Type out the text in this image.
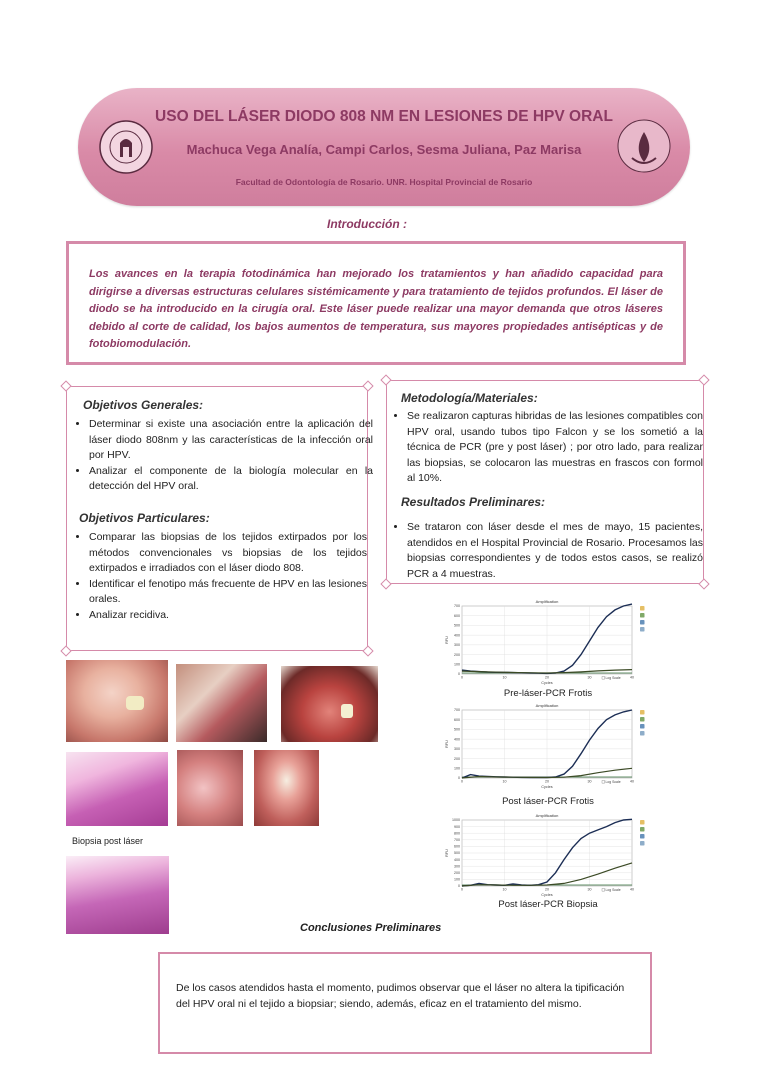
USO DEL LÁSER DIODO 808 NM EN LESIONES DE HPV ORAL
Machuca Vega Analía, Campi Carlos, Sesma Juliana, Paz Marisa
Facultad de Odontología de Rosario. UNR. Hospital Provincial de Rosario
Introducción :
Los avances en la terapia fotodinámica han mejorado los tratamientos y han añadido capacidad para dirigirse a diversas estructuras celulares sistémicamente y para tratamiento de tejidos profundos. El láser de diodo se ha introducido en la cirugía oral. Este láser puede realizar una mayor demanda que otros láseres debido al corte de calidad, los bajos aumentos de temperatura, sus mayores propiedades antisépticas y de fotobiomodulación.
Objetivos Generales:
• Determinar si existe una asociación entre la aplicación del láser diodo 808nm y las características de la infección oral por HPV.
• Analizar el componente de la biología molecular en la detección del HPV oral.
Objetivos Particulares:
• Comparar las biopsias de los tejidos extirpados por los métodos convencionales vs biopsias de los tejidos extirpados e irradiados con el láser diodo 808.
• Identificar el fenotipo más frecuente de HPV en las lesiones orales.
• Analizar recidiva.
Metodología/Materiales:
• Se realizaron capturas hibridas de las lesiones compatibles con HPV oral, usando tubos tipo Falcon y se los sometió a la técnica de PCR (pre y post láser) ; por otro lado, para realizar las biopsias, se colocaron las muestras en frascos con formol al 10%.
Resultados Preliminares:
• Se trataron con láser desde el mes de mayo, 15 pacientes, atendidos en el Hospital Provincial de Rosario. Procesamos las biopsias correspondientes y de todos estos casos, se realizó PCR a 4 muestras.
Biopsia post láser
Amplification
0
100
200
300
400
500
600
700
0	10	20	30	40
Cycles
RFU
Log Scale
Pre-láser-PCR Frotis
Amplification
0
100
200
300
400
500
600
700
0	10	20	30	40
Cycles
RFU
Log Scale
Post láser-PCR Frotis
Amplification
0
100
200
300
400
500
600
700
800
900
1000
0	10	20	30	40
Cycles
RFU
Log Scale
Post láser-PCR Biopsia
Conclusiones Preliminares
De los casos atendidos hasta el momento, pudimos observar que el láser no altera la tipificación del HPV oral ni el tejido a biopsiar; siendo, además, eficaz en el tratamiento del mismo.
